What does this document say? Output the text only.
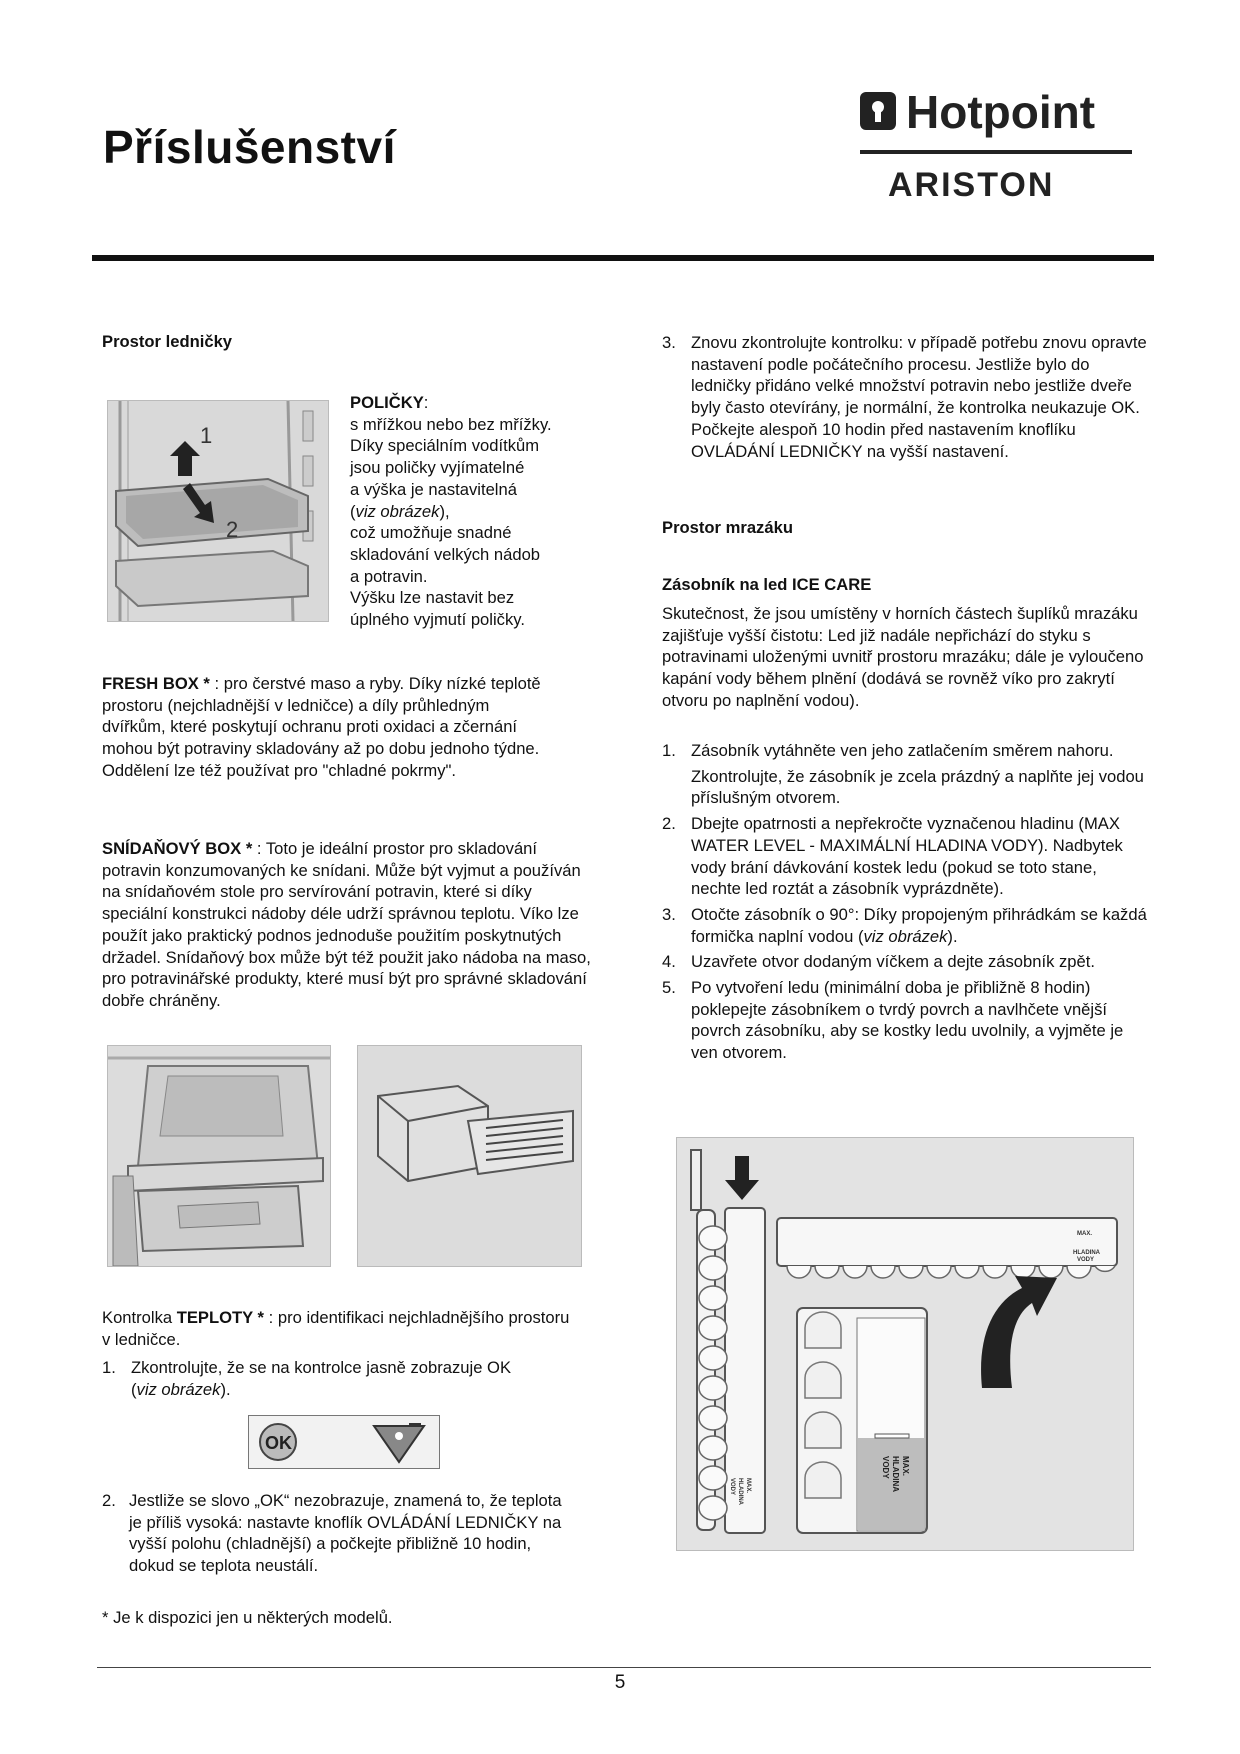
Příslušenství
Hotpoint
ARISTON
Prostor ledničky
1
2
POLIČKY:
s mřížkou nebo bez mřížky.
Díky speciálním vodítkům
jsou poličky vyjímatelné
a výška je nastavitelná
(viz obrázek),
což umožňuje snadné
skladování velkých nádob
a potravin.
Výšku lze nastavit bez
úplného vyjmutí poličky.

FRESH BOX * : pro čerstvé maso a ryby. Díky nízké teplotě prostoru (nejchladnější v ledničce) a díly průhledným dvířkům, které poskytují ochranu proti oxidaci a zčernání mohou být potraviny skladovány až po dobu jednoho týdne. Oddělení lze též používat pro "chladné pokrmy".

SNÍDAŇOVÝ BOX * : Toto je ideální prostor pro skladování potravin konzumovaných ke snídani. Může být vyjmut a používán na snídaňovém stole pro servírování potravin, které si díky speciální konstrukci nádoby déle udrží správnou teplotu. Víko lze použít jako praktický podnos jednoduše použitím poskytnutých držadel. Snídaňový box může být též použit jako nádoba na maso, pro potravinářské produkty, které musí být pro správné skladování dobře chráněny.

Kontrolka TEPLOTY * : pro identifikaci nejchladnějšího prostoru v ledničce.

1. Zkontrolujte, že se na kontrolce jasně zobrazuje OK
(viz obrázek).
OK
2. Jestliže se slovo „OK“ nezobrazuje, znamená to, že teplota je příliš vysoká: nastavte knoflík OVLÁDÁNÍ LEDNIČKY na vyšší polohu (chladnější) a počkejte přibližně 10 hodin, dokud se teplota neustálí.
* Je k dispozici jen u některých modelů.
3. Znovu zkontrolujte kontrolku: v případě potřebu znovu opravte nastavení podle počátečního procesu. Jestliže bylo do ledničky přidáno velké množství potravin nebo jestliže dveře byly často otevírány, je normální, že kontrolka neukazuje OK. Počkejte alespoň 10 hodin před nastavením knoflíku OVLÁDÁNÍ LEDNIČKY na vyšší nastavení.
Prostor mrazáku
Zásobník na led ICE CARE

Skutečnost, že jsou umístěny v horních částech šuplíků mrazáku zajišťuje vyšší čistotu: Led již nadále nepřichází do styku s potravinami uloženými uvnitř prostoru mrazáku; dále je vyloučeno kapání vody během plnění (dodává se rovněž víko pro zakrytí otvoru po naplnění vodou).

1. Zásobník vytáhněte ven jeho zatlačením směrem nahoru.
Zkontrolujte, že zásobník je zcela prázdný a naplňte jej vodou příslušným otvorem.
2. Dbejte opatrnosti a nepřekročte vyznačenou hladinu (MAX WATER LEVEL - MAXIMÁLNÍ HLADINA VODY). Nadbytek vody brání dávkování kostek ledu (pokud se toto stane, nechte led roztát a zásobník vyprázdněte).
3. Otočte zásobník o 90°: Díky propojeným přihrádkám se každá formička naplní vodou (viz obrázek).
4. Uzavřete otvor dodaným víčkem a dejte zásobník zpět.
5. Po vytvoření ledu (minimální doba je přibližně 8 hodin) poklepejte zásobníkem o tvrdý povrch a navlhčete vnější povrch zásobníku, aby se kostky ledu uvolnily, a vyjměte je ven otvorem.
MAX.
HLADINA
VODY
MAX.
HLADINA
VODY
MAX.
HLADINA
VODY
5
